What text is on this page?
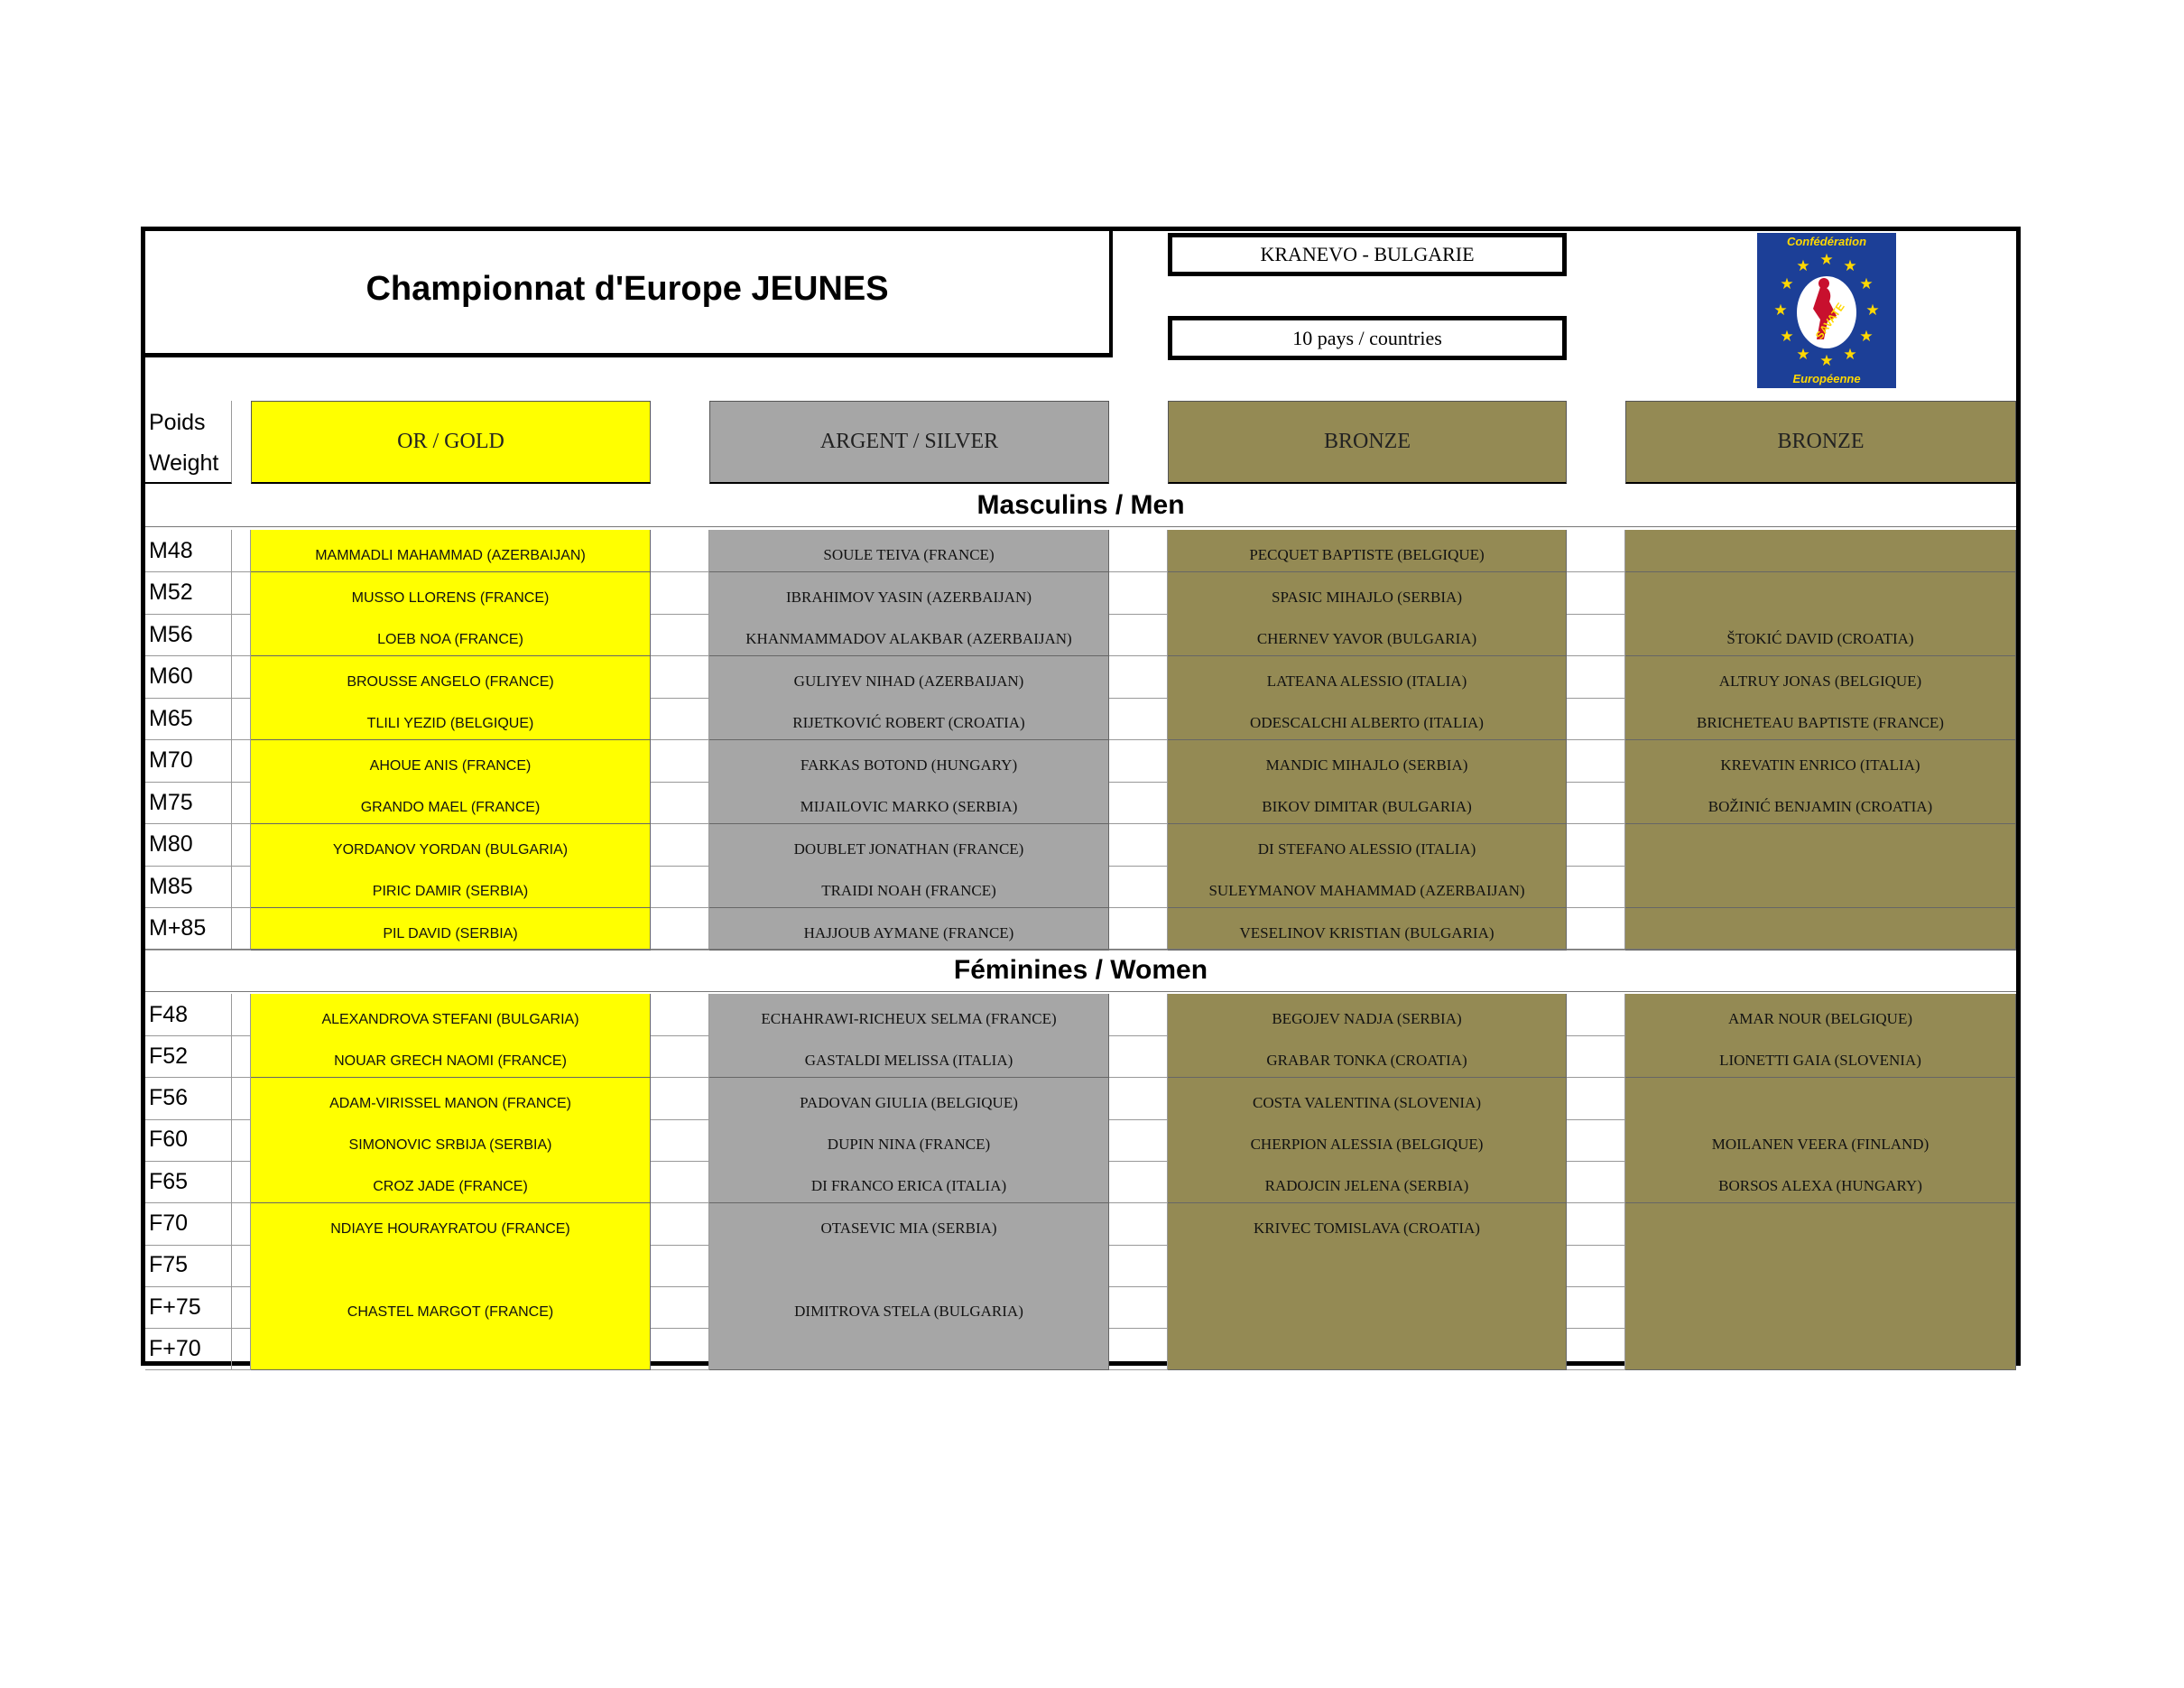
Championnat d'Europe JEUNES
KRANEVO - BULGARIE
10 pays / countries
Confédération
★ ★
★
★
★
★
★
★
★
★
★ ★
SAVATE
Européenne
Poids
Weight
OR / GOLD	ARGENT / SILVER	BRONZE	BRONZE
Masculins / Men
M48	MAMMADLI MAHAMMAD (AZERBAIJAN)	SOULE TEIVA (FRANCE)	PECQUET BAPTISTE (BELGIQUE)
M52	MUSSO LLORENS (FRANCE)	IBRAHIMOV YASIN (AZERBAIJAN)	SPASIC MIHAJLO (SERBIA)
M56	LOEB NOA (FRANCE)	KHANMAMMADOV ALAKBAR (AZERBAIJAN)	CHERNEV YAVOR (BULGARIA)	ŠTOKIĆ DAVID (CROATIA)
M60	BROUSSE ANGELO (FRANCE)	GULIYEV NIHAD (AZERBAIJAN)	LATEANA ALESSIO (ITALIA)	ALTRUY JONAS (BELGIQUE)
M65	TLILI YEZID (BELGIQUE)	RIJETKOVIĆ ROBERT (CROATIA)	ODESCALCHI ALBERTO (ITALIA)	BRICHETEAU BAPTISTE (FRANCE)
M70	AHOUE ANIS (FRANCE)	FARKAS BOTOND (HUNGARY)	MANDIC MIHAJLO (SERBIA)	KREVATIN ENRICO (ITALIA)
M75	GRANDO MAEL (FRANCE)	MIJAILOVIC MARKO (SERBIA)	BIKOV DIMITAR (BULGARIA)	BOŽINIĆ BENJAMIN (CROATIA)
M80	YORDANOV YORDAN (BULGARIA)	DOUBLET JONATHAN (FRANCE)	DI STEFANO ALESSIO (ITALIA)
M85	PIRIC DAMIR (SERBIA)	TRAIDI NOAH (FRANCE)	SULEYMANOV MAHAMMAD (AZERBAIJAN)
M+85	PIL DAVID (SERBIA)	HAJJOUB AYMANE (FRANCE)	VESELINOV KRISTIAN (BULGARIA)
Féminines / Women
F48	ALEXANDROVA STEFANI (BULGARIA)	ECHAHRAWI-RICHEUX SELMA (FRANCE)	BEGOJEV NADJA (SERBIA)	AMAR NOUR (BELGIQUE)
F52	NOUAR GRECH NAOMI (FRANCE)	GASTALDI MELISSA (ITALIA)	GRABAR TONKA (CROATIA)	LIONETTI GAIA (SLOVENIA)
F56	ADAM-VIRISSEL MANON (FRANCE)	PADOVAN GIULIA (BELGIQUE)	COSTA VALENTINA (SLOVENIA)
F60	SIMONOVIC SRBIJA (SERBIA)	DUPIN NINA (FRANCE)	CHERPION ALESSIA (BELGIQUE)	MOILANEN VEERA (FINLAND)
F65	CROZ JADE (FRANCE)	DI FRANCO ERICA (ITALIA)	RADOJCIN JELENA (SERBIA)	BORSOS ALEXA (HUNGARY)
F70	NDIAYE HOURAYRATOU (FRANCE)	OTASEVIC MIA (SERBIA)	KRIVEC TOMISLAVA (CROATIA)
F75
F+75	CHASTEL MARGOT (FRANCE)	DIMITROVA STELA (BULGARIA)
F+70
